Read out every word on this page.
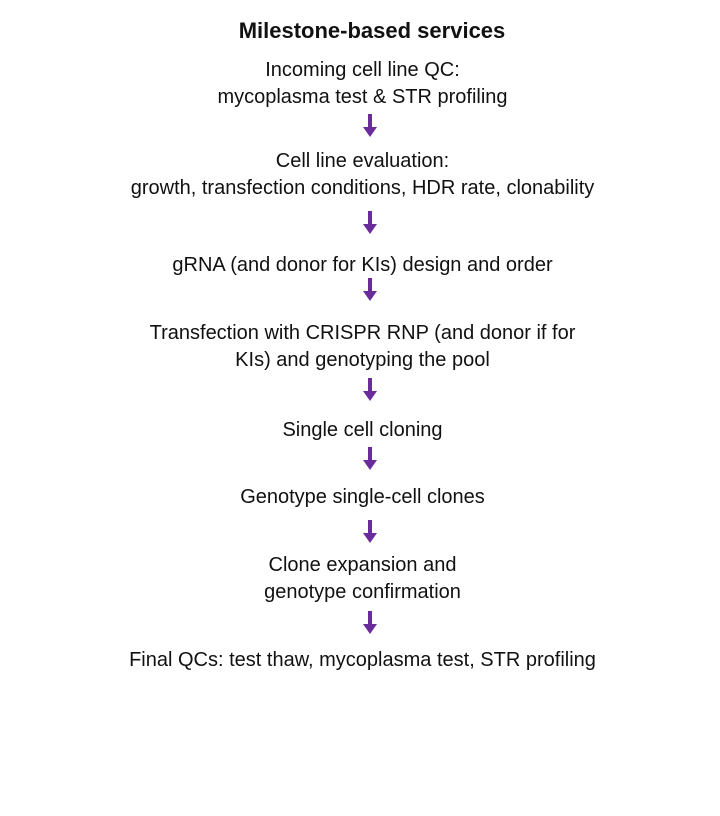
Milestone-based services
Incoming cell line QC:
mycoplasma test & STR profiling
Cell line evaluation:
growth, transfection conditions, HDR rate, clonability
gRNA (and donor for KIs) design and order
Transfection with CRISPR RNP (and donor if for
KIs) and genotyping the pool
Single cell cloning
Genotype single-cell clones
Clone expansion and
genotype confirmation
Final QCs: test thaw, mycoplasma test, STR profiling
